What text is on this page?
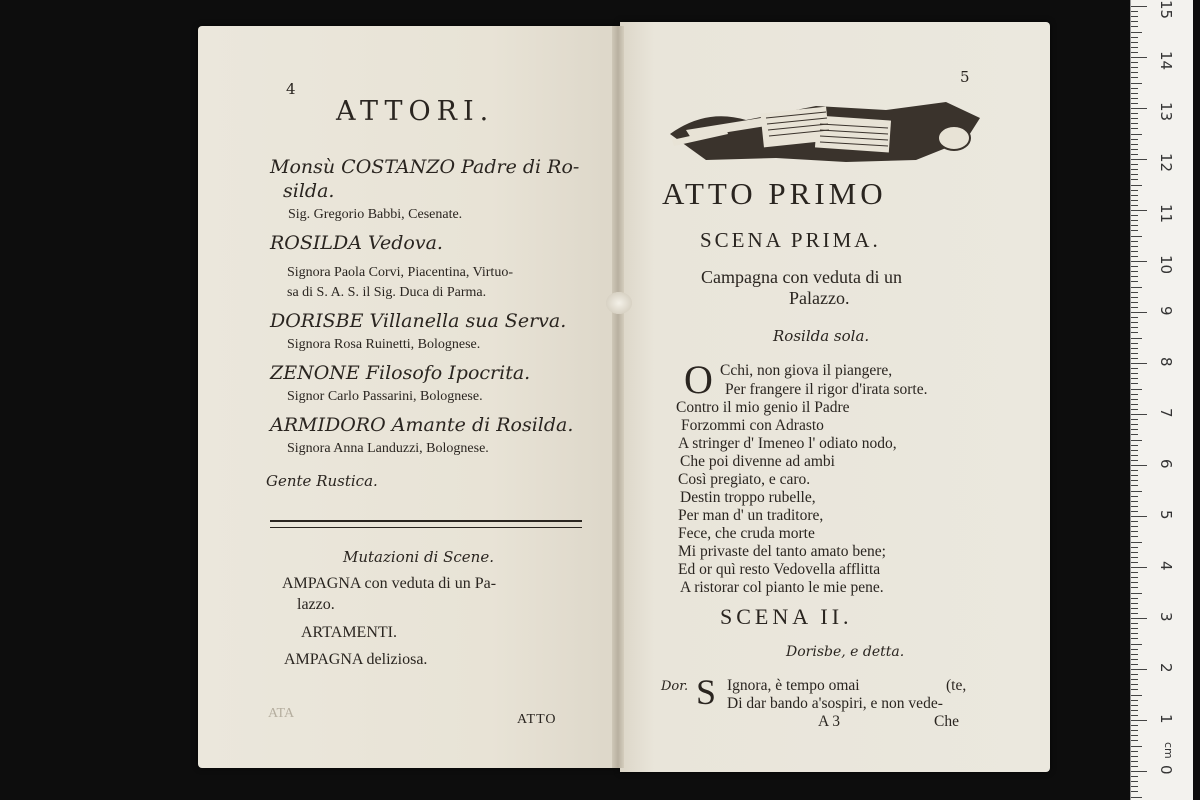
4
ATTORI.
Monsù COSTANZO Padre di Ro-
silda.
Sig. Gregorio Babbi, Cesenate.
ROSILDA Vedova.
Signora Paola Corvi, Piacentina, Virtuo-
sa di S. A. S. il Sig. Duca di Parma.
DORISBE Villanella sua Serva.
Signora Rosa Ruinetti, Bolognese.
ZENONE Filosofo Ipocrita.
Signor Carlo Passarini, Bolognese.
ARMIDORO Amante di Rosilda.
Signora Anna Landuzzi, Bolognese.
Gente Rustica.
Mutazioni di Scene.
AMPAGNA con veduta di un Pa-
lazzo.
ARTAMENTI.
AMPAGNA deliziosa.
ATA	ATTO
5
ATTO PRIMO
SCENA PRIMA.
Campagna con veduta di un
Palazzo.
Rosilda sola.
O Cchi, non giova il piangere,
Per frangere il rigor d'irata sorte.
Contro il mio genio il Padre
Forzommi con Adrasto
A stringer d' Imeneo l' odiato nodo,
Che poi divenne ad ambi
Così pregiato, e caro.
Destin troppo rubelle,
Per man d' un traditore,
Fece, che cruda morte
Mi privaste del tanto amato bene;
Ed or quì resto Vedovella afflitta
A ristorar col pianto le mie pene.
SCENA II.
Dorisbe, e detta.
Dor. S Ignora, è tempo omai	(te,
Di dar bando a'sospiri, e non vede-
A 3	Che
15
14
13
12
11
10
9
8
7
6
5
4
3
2
1
0
cm
